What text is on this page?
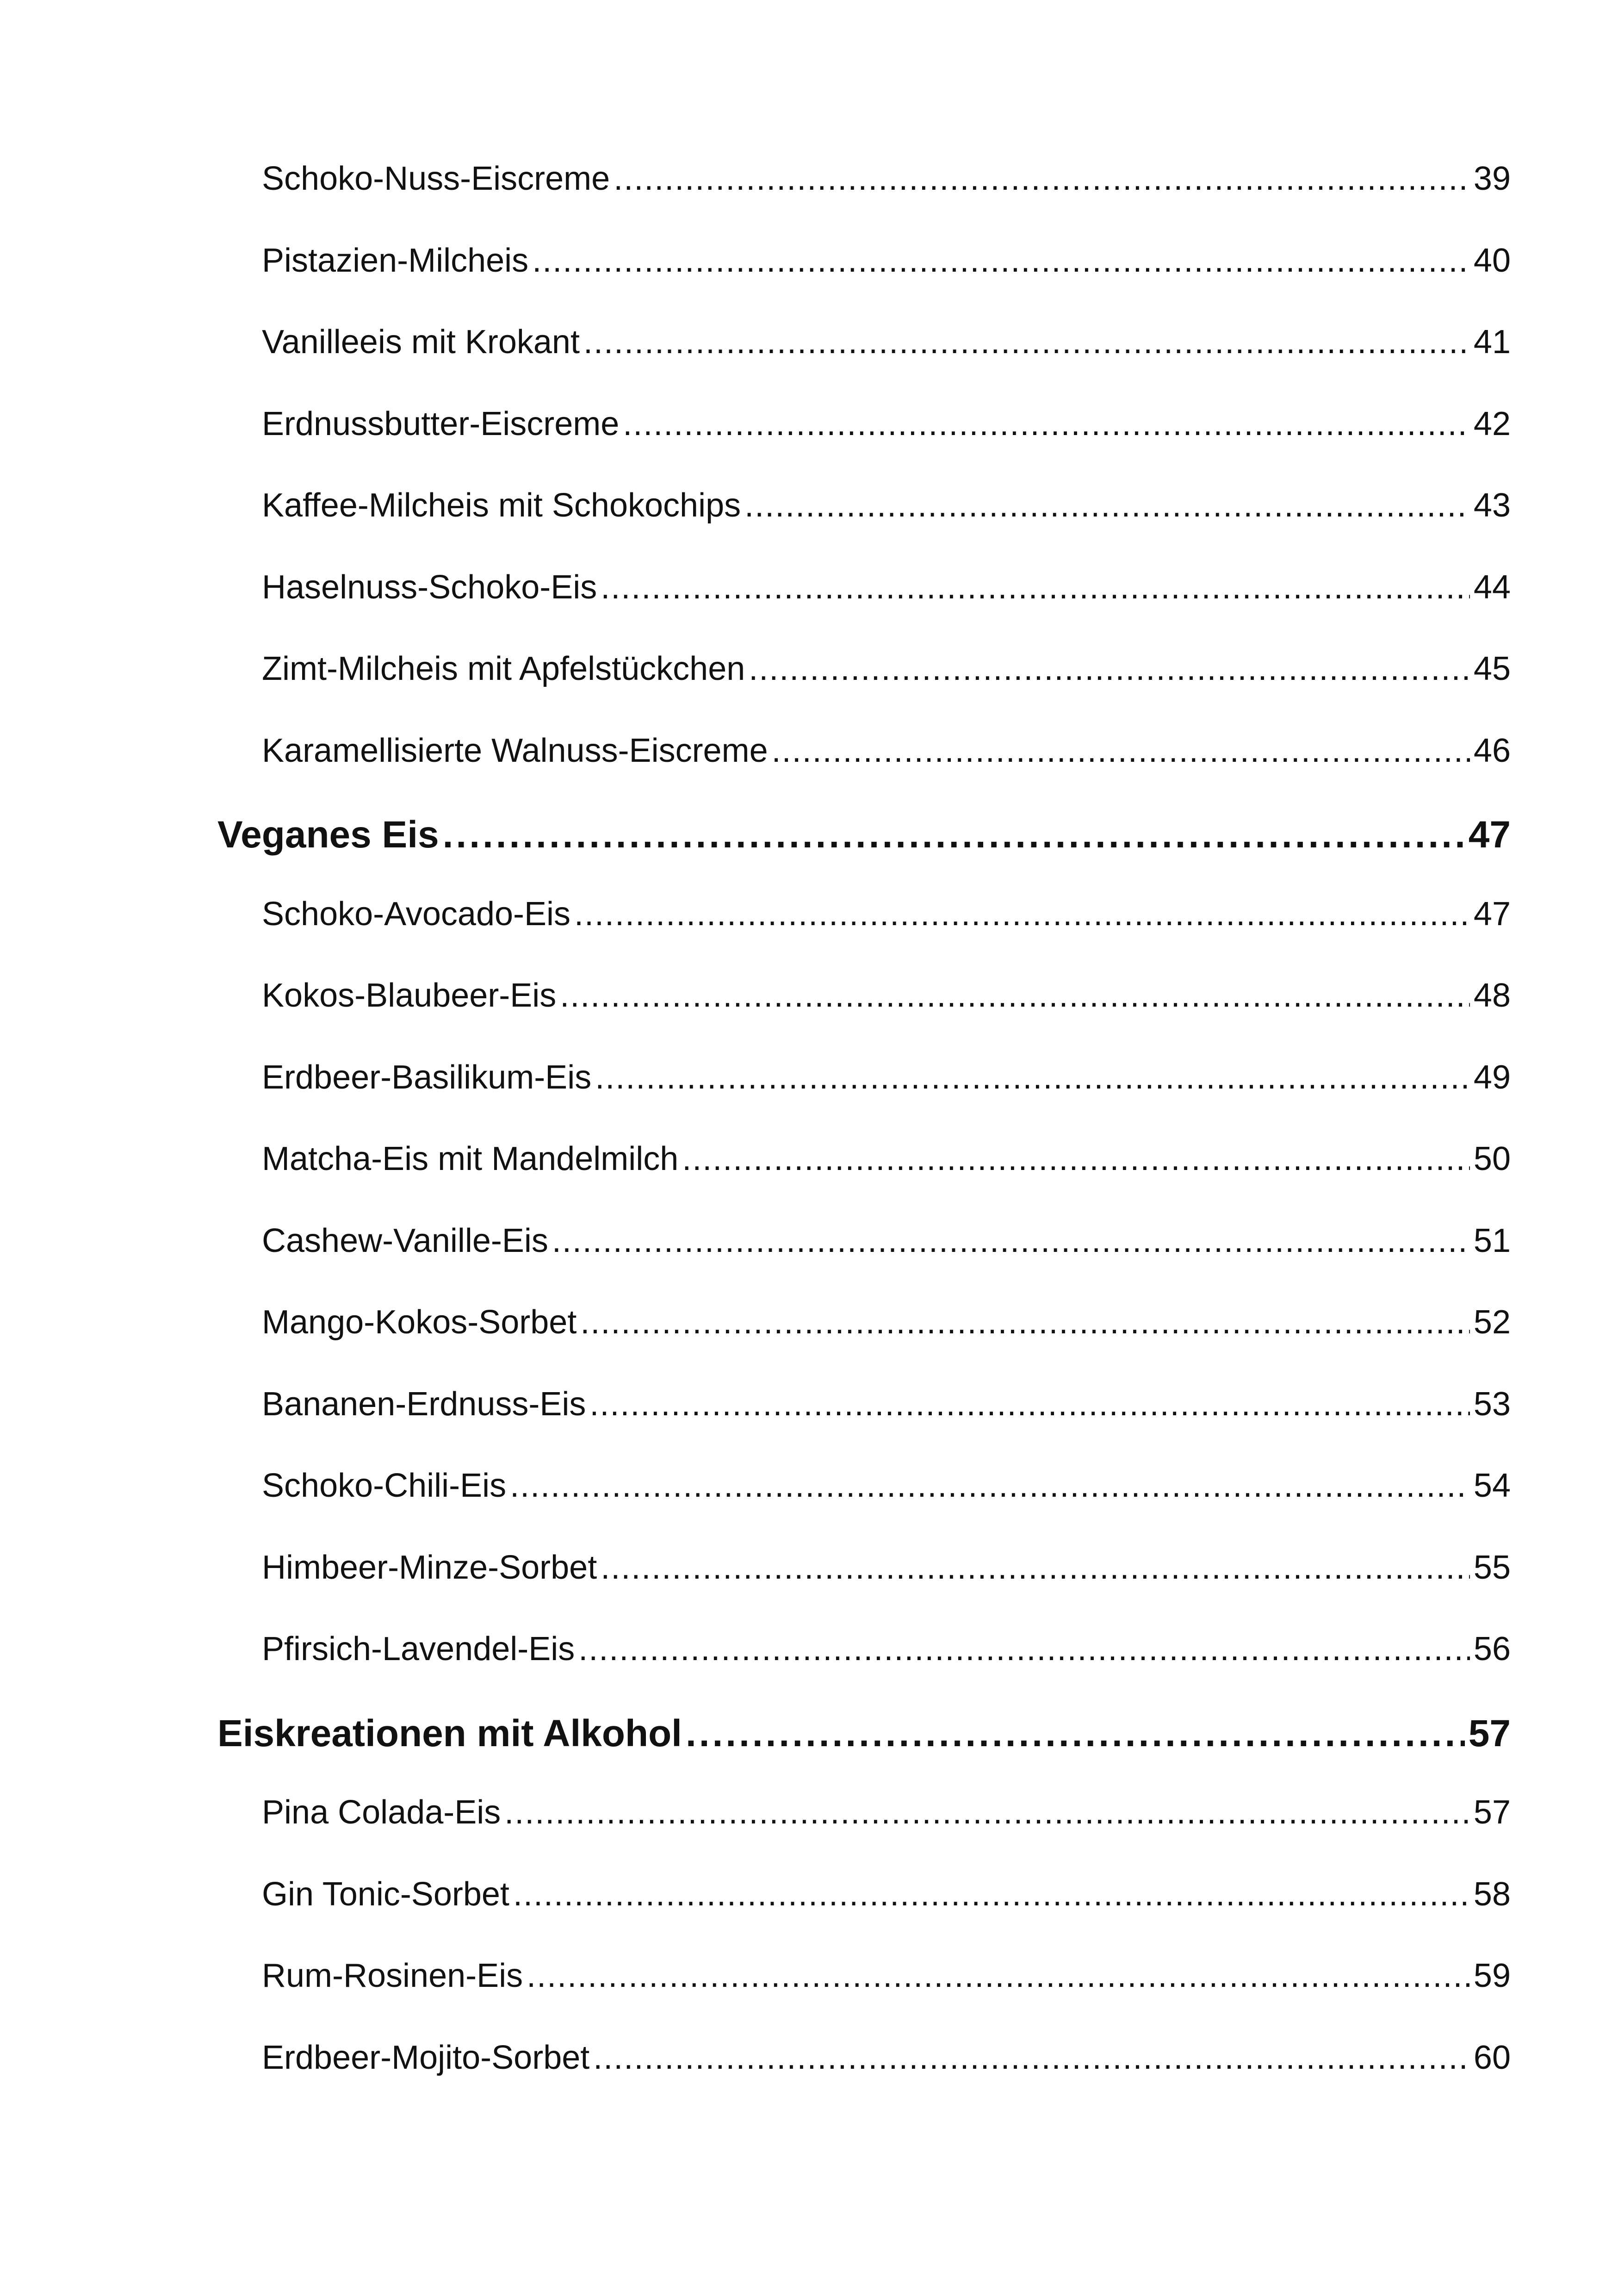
Schoko-Nuss-Eiscreme .....	39
Pistazien-Milcheis .....	40
Vanilleeis mit Krokant .....	41
Erdnussbutter-Eiscreme .....	42
Kaffee-Milcheis mit Schokochips .....	43
Haselnuss-Schoko-Eis .....	44
Zimt-Milcheis mit Apfelstückchen .....	45
Karamellisierte Walnuss-Eiscreme .....	46
Veganes Eis .....	47
Schoko-Avocado-Eis .....	47
Kokos-Blaubeer-Eis .....	48
Erdbeer-Basilikum-Eis .....	49
Matcha-Eis mit Mandelmilch .....	50
Cashew-Vanille-Eis .....	51
Mango-Kokos-Sorbet .....	52
Bananen-Erdnuss-Eis .....	53
Schoko-Chili-Eis .....	54
Himbeer-Minze-Sorbet .....	55
Pfirsich-Lavendel-Eis .....	56
Eiskreationen mit Alkohol .....	57
Pina Colada-Eis .....	57
Gin Tonic-Sorbet .....	58
Rum-Rosinen-Eis .....	59
Erdbeer-Mojito-Sorbet .....	60
